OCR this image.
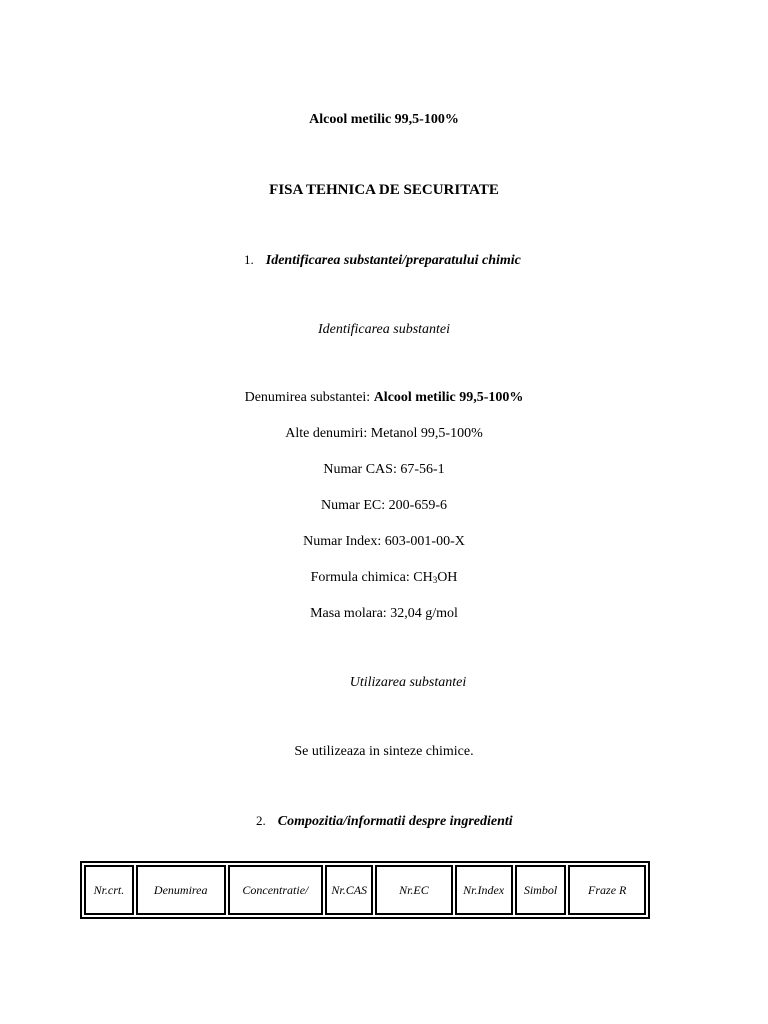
Alcool metilic 99,5-100%
FISA TEHNICA DE SECURITATE
1. Identificarea substantei/preparatului chimic
Identificarea substantei
Denumirea substantei: Alcool metilic 99,5-100%
Alte denumiri: Metanol 99,5-100%
Numar CAS: 67-56-1
Numar EC: 200-659-6
Numar Index: 603-001-00-X
Formula chimica: $CH_3OH$
Masa molara: 32,04 g/mol
Utilizarea substantei
Se utilizeaza in sinteze chimice.
2. Compozitia/informatii despre ingredienti
Nr.crt.	Denumirea	Concentratie/	Nr.CAS	Nr.EC	Nr.Index	Simbol	Fraze R
